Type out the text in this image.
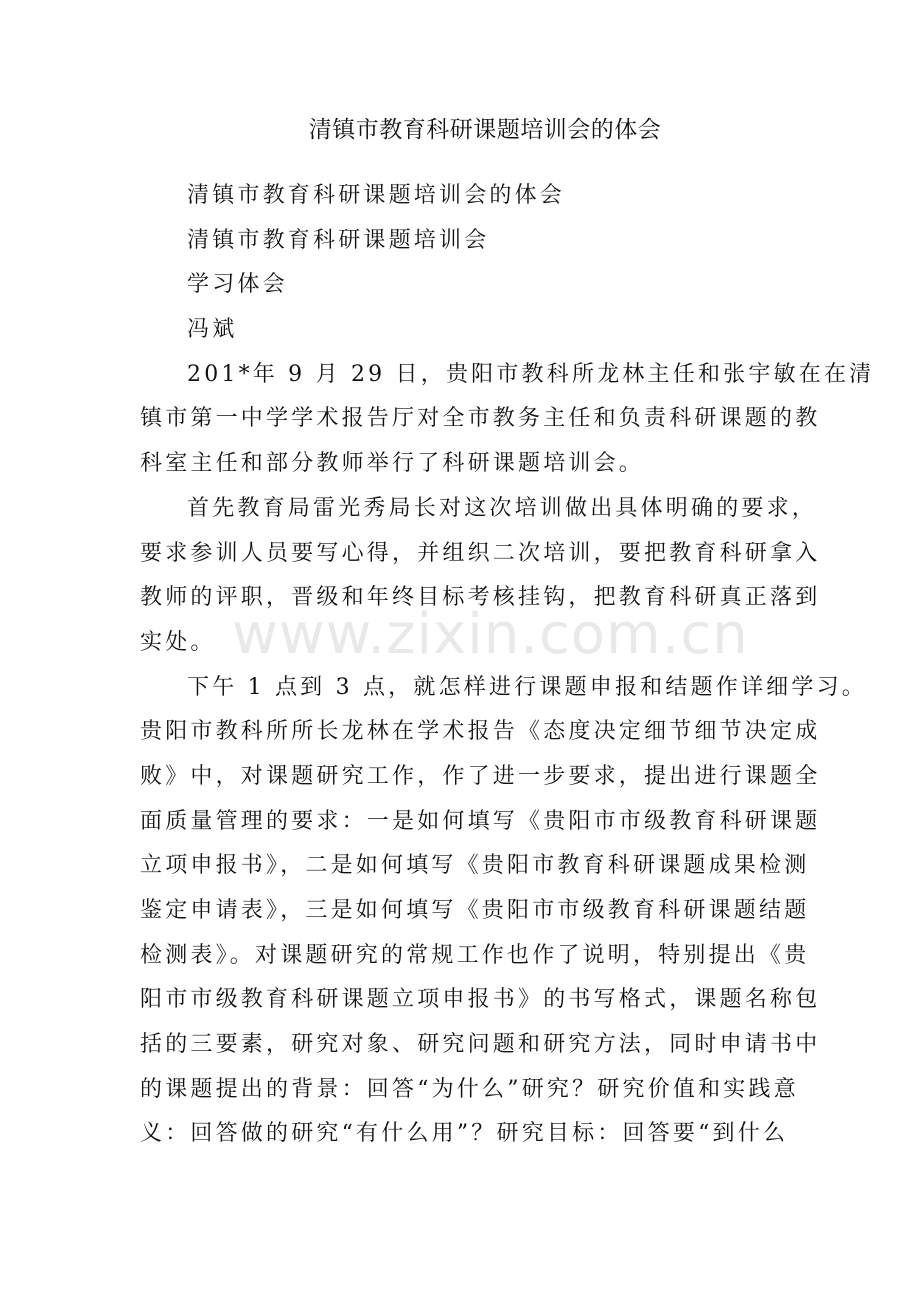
清镇市教育科研课题培训会的体会
清镇市教育科研课题培训会的体会
清镇市教育科研课题培训会
学习体会
冯斌
201*年 9 月 29 日，贵阳市教科所龙林主任和张宇敏在在清
镇市第一中学学术报告厅对全市教务主任和负责科研课题的教
科室主任和部分教师举行了科研课题培训会。
首先教育局雷光秀局长对这次培训做出具体明确的要求，
要求参训人员要写心得，并组织二次培训，要把教育科研拿入
教师的评职，晋级和年终目标考核挂钩，把教育科研真正落到
实处。
下午 1 点到 3 点，就怎样进行课题申报和结题作详细学习。
贵阳市教科所所长龙林在学术报告《态度决定细节细节决定成
败》中，对课题研究工作，作了进一步要求，提出进行课题全
面质量管理的要求：一是如何填写《贵阳市市级教育科研课题
立项申报书》，二是如何填写《贵阳市教育科研课题成果检测
鉴定申请表》，三是如何填写《贵阳市市级教育科研课题结题
检测表》。对课题研究的常规工作也作了说明，特别提出《贵
阳市市级教育科研课题立项申报书》的书写格式，课题名称包
括的三要素，研究对象、研究问题和研究方法，同时申请书中
的课题提出的背景：回答“为什么”研究？研究价值和实践意
义：回答做的研究“有什么用”？研究目标：回答要“到什么
www.zixin.com.cn
